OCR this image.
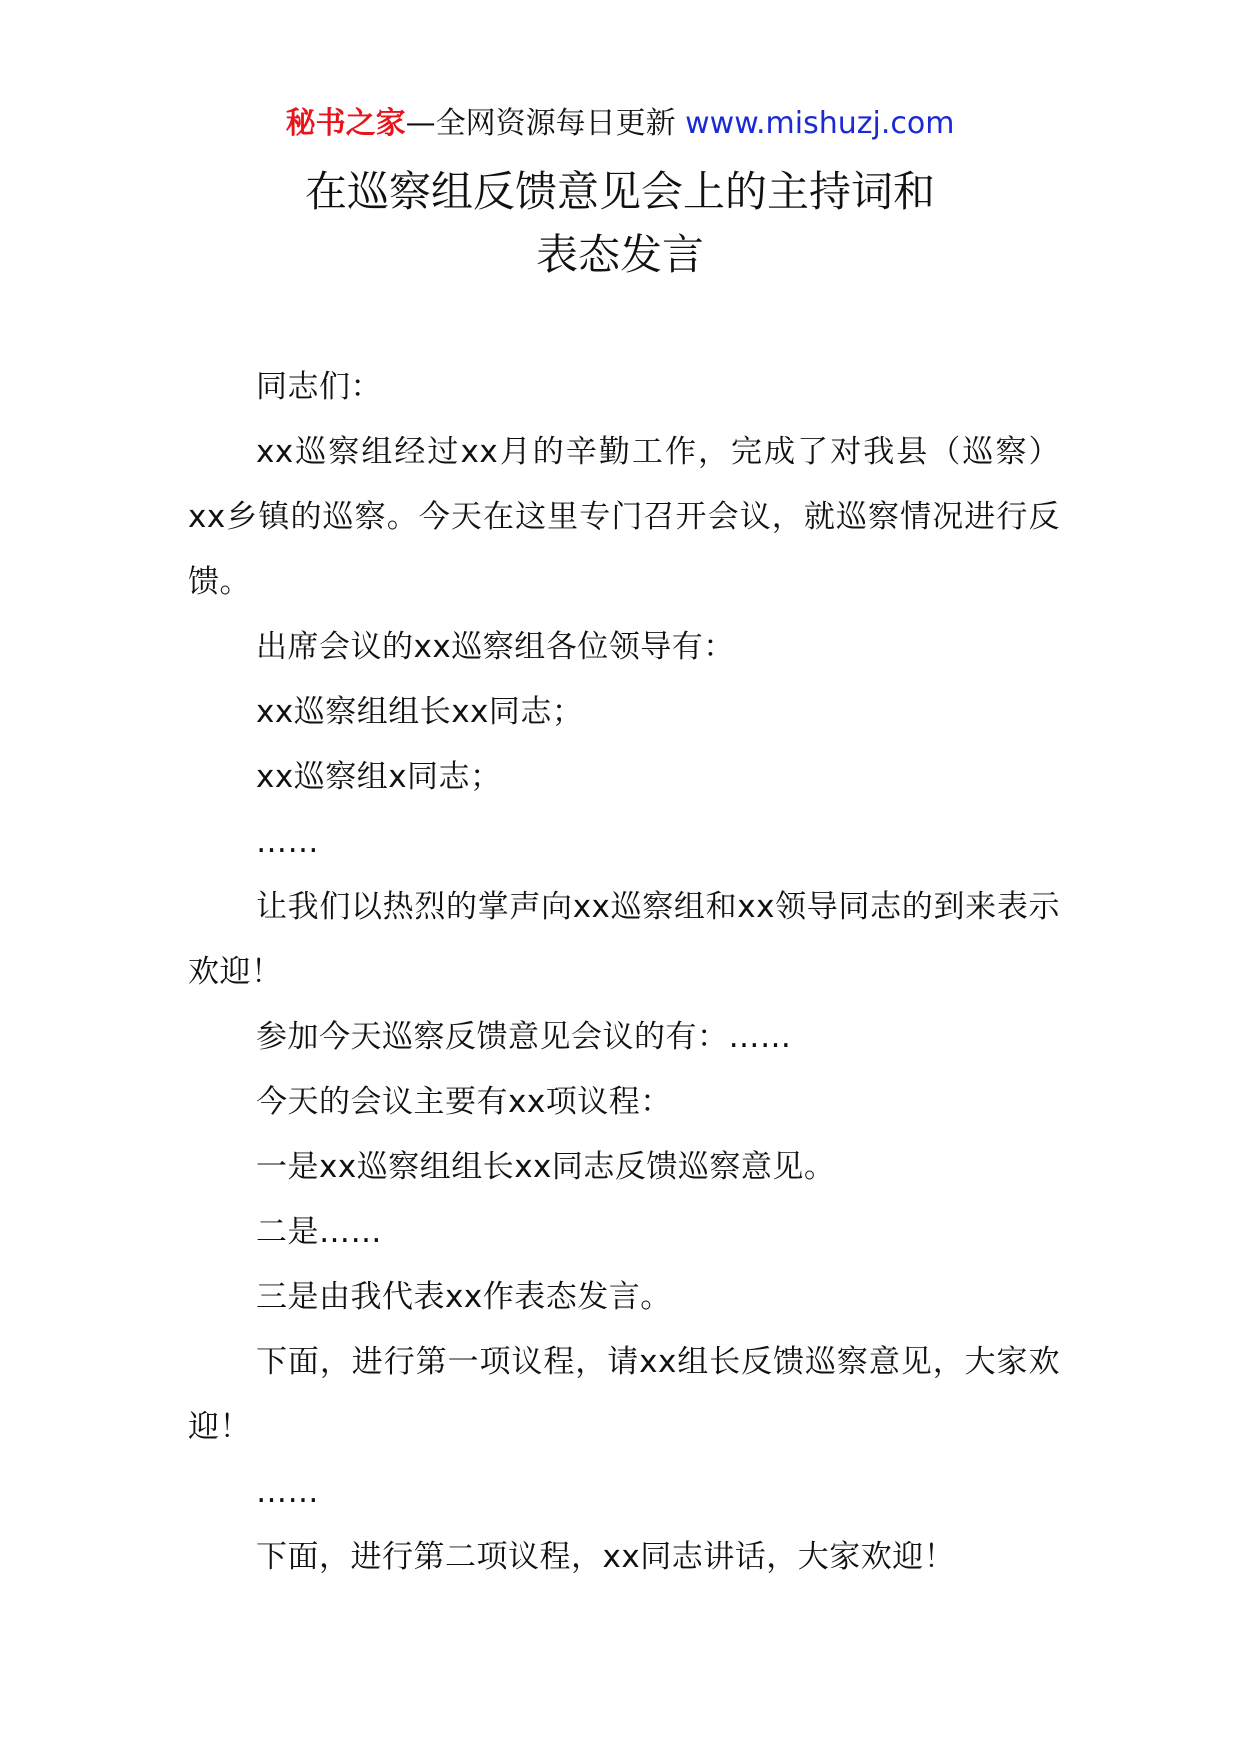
秘书之家—全网资源每日更新 www.mishuzj.com
在巡察组反馈意见会上的主持词和
表态发言

同志们：

xx巡察组经过xx月的辛勤工作，完成了对我县（巡察）xx乡镇的巡察。今天在这里专门召开会议，就巡察情况进行反馈。

出席会议的xx巡察组各位领导有：

xx巡察组组长xx同志；

xx巡察组x同志；

……

让我们以热烈的掌声向xx巡察组和xx领导同志的到来表示欢迎！

参加今天巡察反馈意见会议的有：……

今天的会议主要有xx项议程：

一是xx巡察组组长xx同志反馈巡察意见。

二是……

三是由我代表xx作表态发言。

下面，进行第一项议程，请xx组长反馈巡察意见，大家欢迎！

……

下面，进行第二项议程，xx同志讲话，大家欢迎！
